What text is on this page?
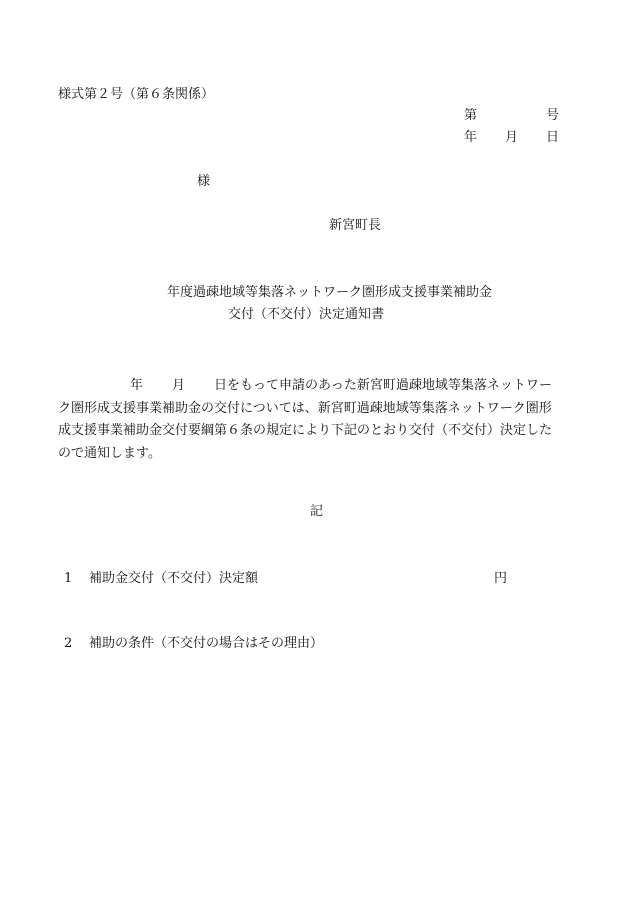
様式第２号（第６条関係）
第	号
年 月 日
様
新宮町長
年度過疎地域等集落ネットワーク圏形成支援事業補助金
交付（不交付）決定通知書
年 月 日をもって申請のあった新宮町過疎地域等集落ネットワー
ク圏形成支援事業補助金の交付については、新宮町過疎地域等集落ネットワーク圏形
成支援事業補助金交付要綱第６条の規定により下記のとおり交付（不交付）決定した
ので通知します。
記
1 補助金交付（不交付）決定額	円
2 補助の条件（不交付の場合はその理由）
